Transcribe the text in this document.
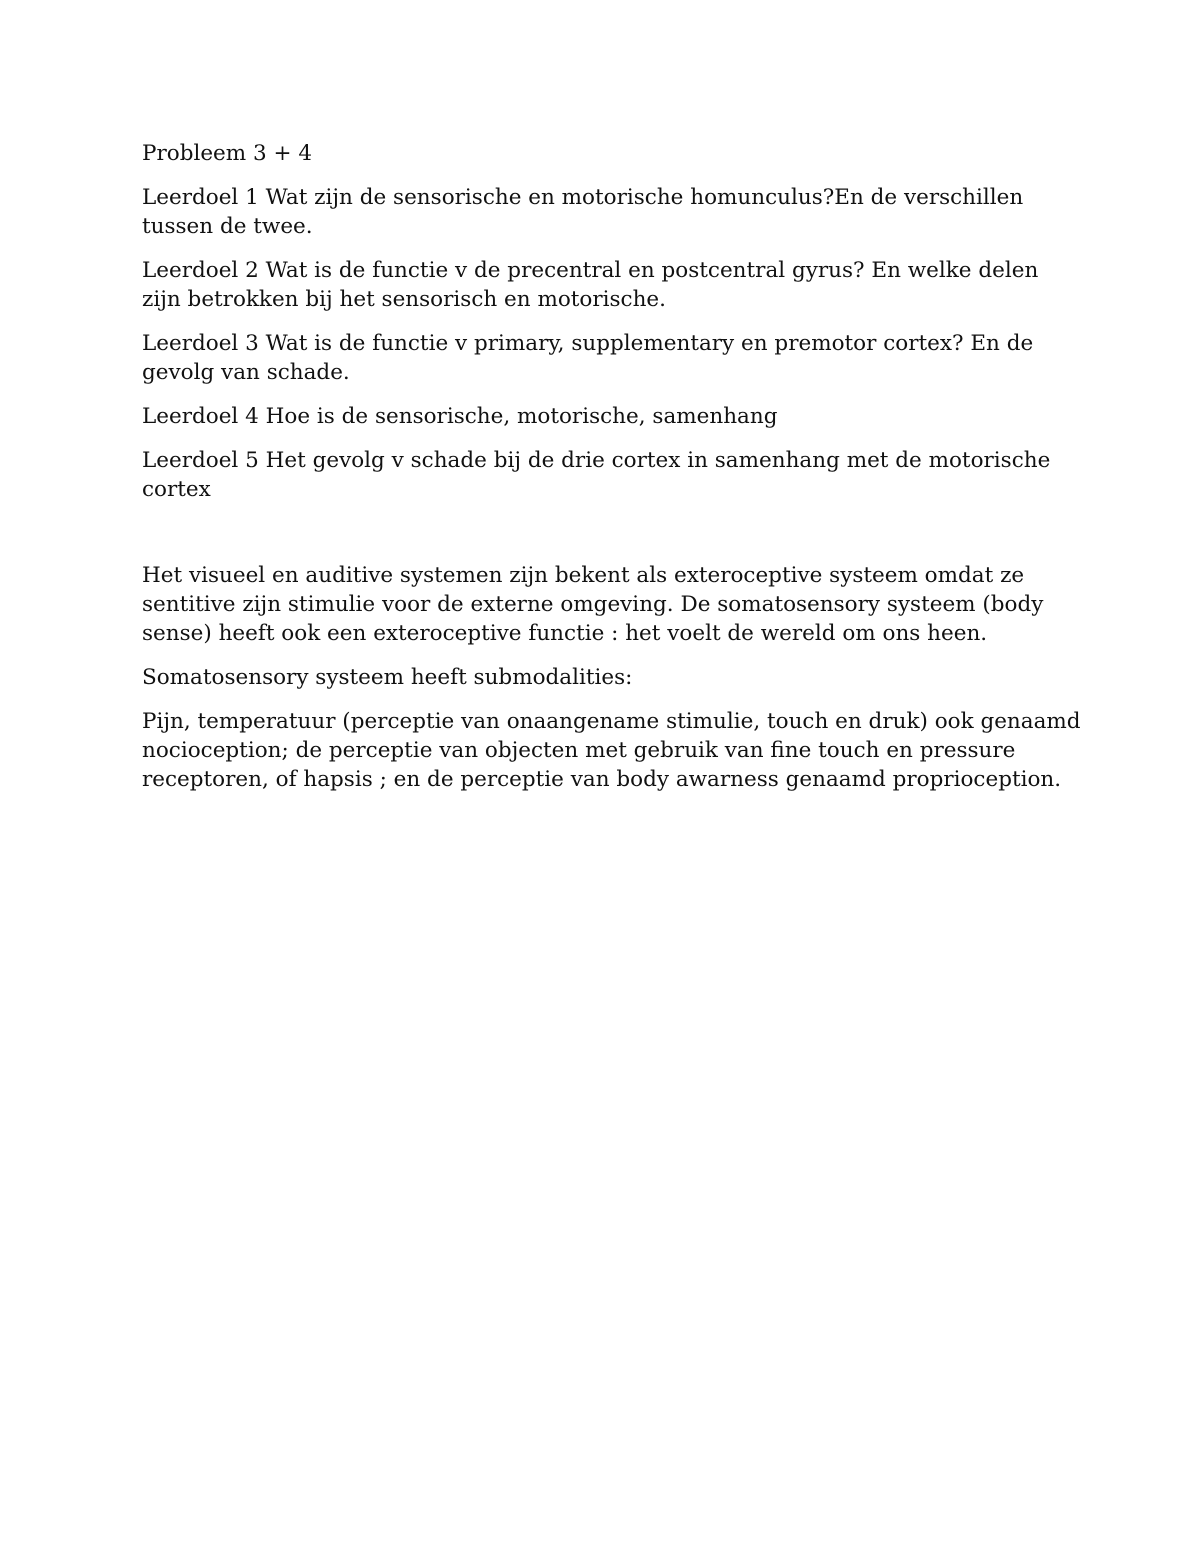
Probleem 3 + 4

Leerdoel 1 Wat zijn de sensorische en motorische homunculus?En de verschillen tussen de twee.

Leerdoel 2 Wat is de functie v de precentral en postcentral gyrus? En welke delen zijn betrokken bij het sensorisch en motorische.

Leerdoel 3 Wat is de functie v primary, supplementary en premotor cortex? En de gevolg van schade.

Leerdoel 4 Hoe is de sensorische, motorische, samenhang

Leerdoel 5 Het gevolg v schade bij de drie cortex in samenhang met de motorische cortex

Het visueel en auditive systemen zijn bekent als exteroceptive systeem omdat ze sentitive zijn stimulie voor de externe omgeving. De somatosensory systeem (body sense) heeft ook een exteroceptive functie : het voelt de wereld om ons heen.

Somatosensory systeem heeft submodalities:

Pijn, temperatuur (perceptie van onaangename stimulie, touch en druk) ook genaamd nocioception; de perceptie van objecten met gebruik van fine touch en pressure receptoren, of hapsis ; en de perceptie van body awarness genaamd proprioception.
